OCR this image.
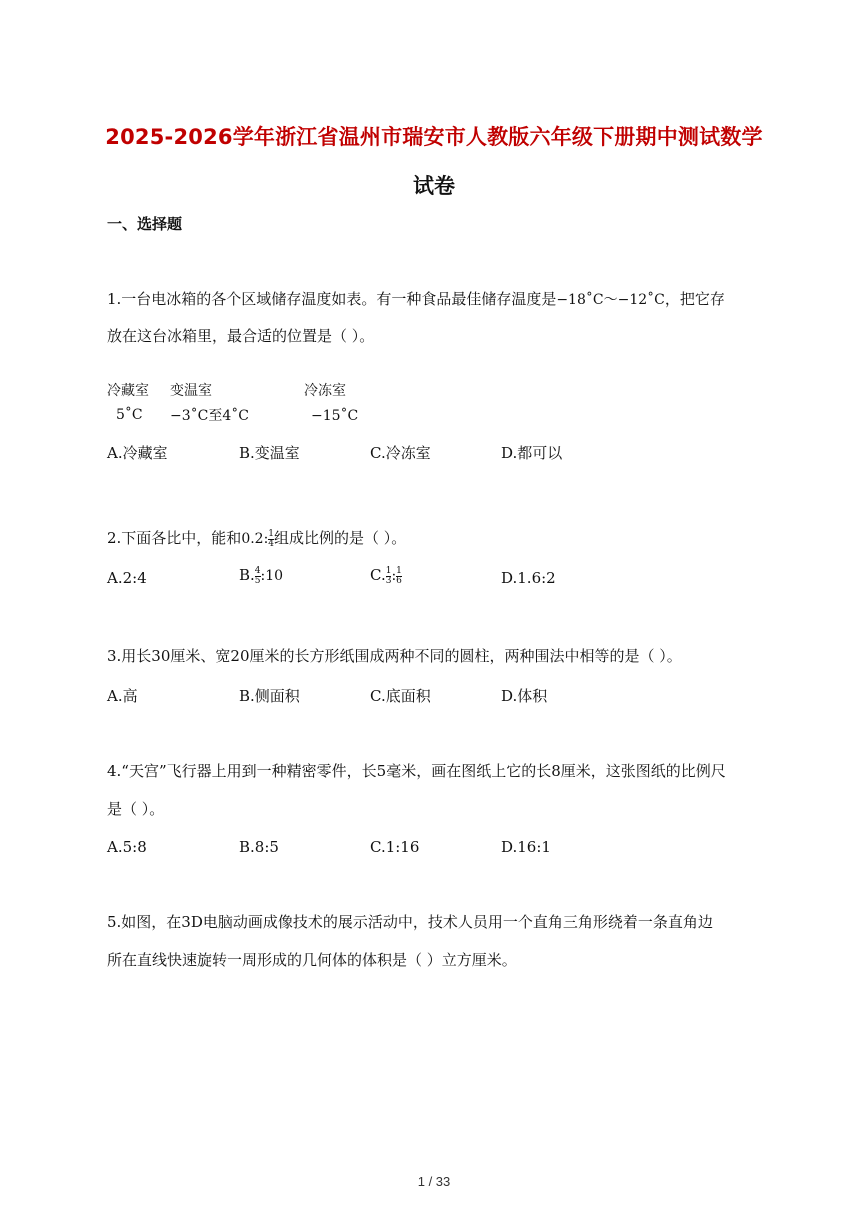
2025-2026学年浙江省温州市瑞安市人教版六年级下册期中测试数学
试卷
一、选择题
1.一台电冰箱的各个区域储存温度如表。有一种食品最佳储存温度是−18˚C～−12˚C，把它存
放在这台冰箱里，最合适的位置是（ ）。
冷藏室 变温室	冷冻室
5˚C −3˚C至4˚C	−15˚C
A.冷藏室	B.变温室	C.冷冻室	D.都可以
2.下面各比中，能和0.2: $\frac{1}{4}$ 组成比例的是（ ）。
A.2:4	B. $\frac{4}{5}$ :10	C. $\frac{1}{3}$ : $\frac{1}{6}$	D.1.6:2
3.用长30厘米、宽20厘米的长方形纸围成两种不同的圆柱，两种围法中相等的是（ ）。
A.高	B.侧面积	C.底面积	D.体积
4.“天宫”飞行器上用到一种精密零件，长5毫米，画在图纸上它的长8厘米，这张图纸的比例尺
是（ ）。
A.5:8	B.8:5	C.1:16	D.16:1
5.如图，在3D电脑动画成像技术的展示活动中，技术人员用一个直角三角形绕着一条直角边
所在直线快速旋转一周形成的几何体的体积是（ ）立方厘米。
1 / 33
